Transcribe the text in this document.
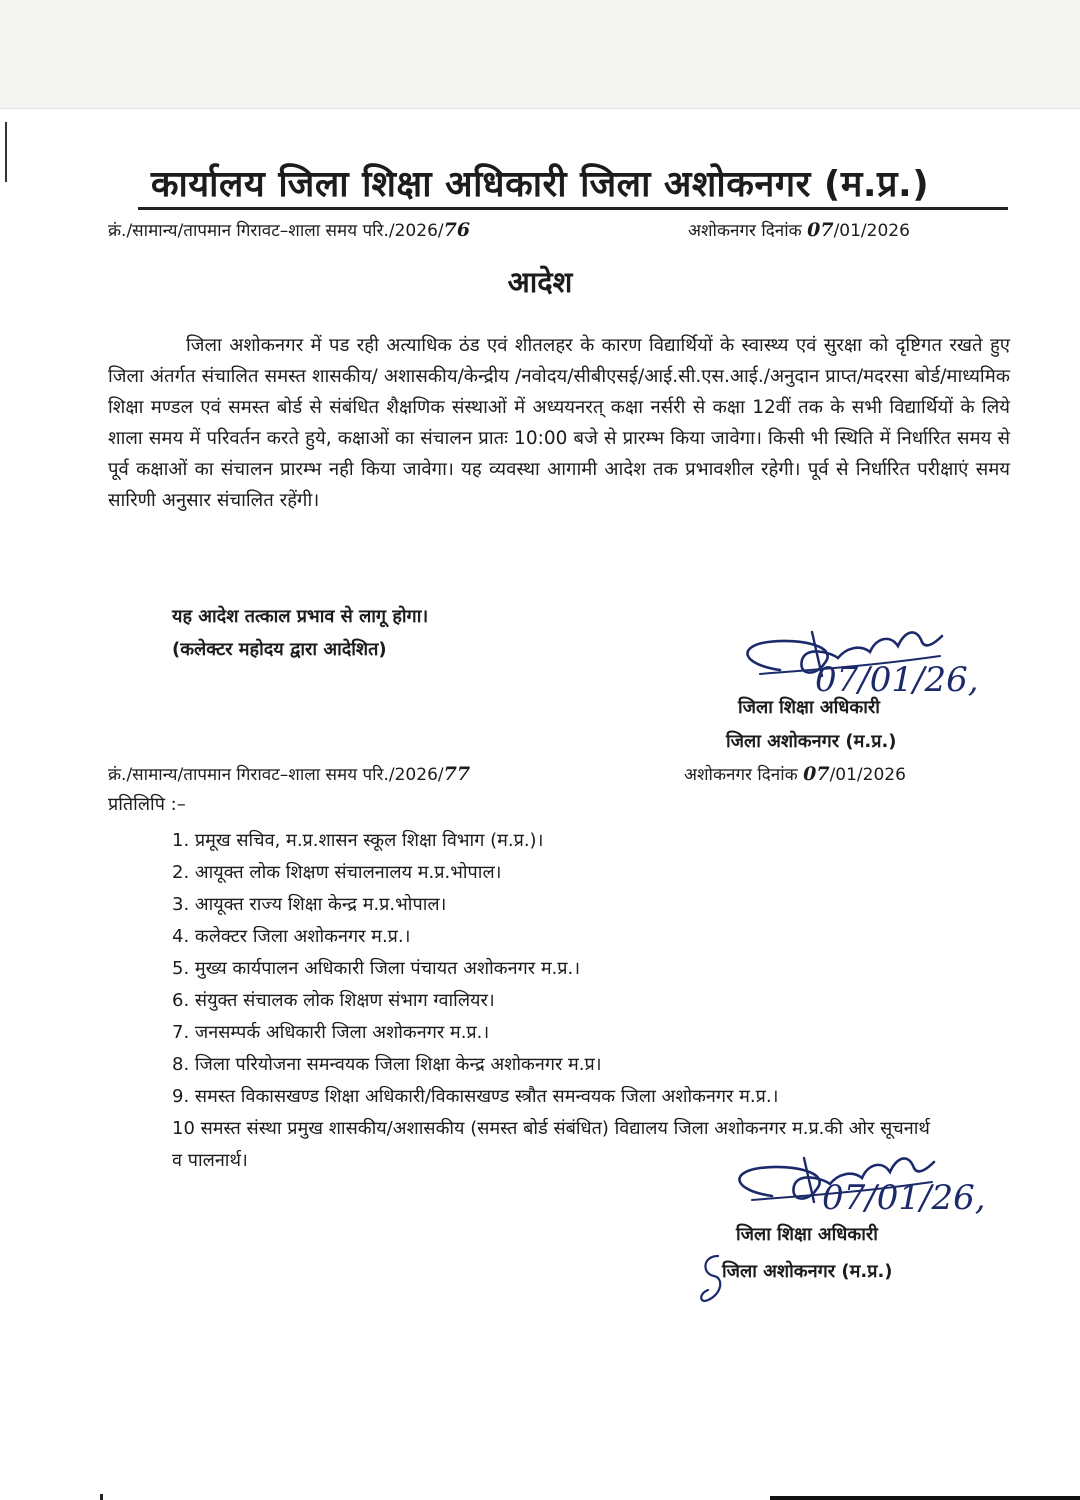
कार्यालय जिला शिक्षा अधिकारी जिला अशोकनगर (म.प्र.)
क्रं./सामान्य/तापमान गिरावट–शाला समय परि./2026/76	अशोकनगर दिनांक 07/01/2026
आदेश

जिला अशोकनगर में पड रही अत्याधिक ठंड एवं शीतलहर के कारण विद्यार्थियों के स्वास्थ्य एवं सुरक्षा को दृष्टिगत रखते हुए जिला अंतर्गत संचालित समस्त शासकीय/ अशासकीय/केन्द्रीय /नवोदय/सीबीएसई/आई.सी.एस.आई./अनुदान प्राप्त/मदरसा बोर्ड/माध्यमिक शिक्षा मण्डल एवं समस्त बोर्ड से संबंधित शैक्षणिक संस्थाओं में अध्ययनरत् कक्षा नर्सरी से कक्षा 12वीं तक के सभी विद्यार्थियों के लिये शाला समय में परिवर्तन करते हुये, कक्षाओं का संचालन प्रातः 10:00 बजे से प्रारम्भ किया जावेगा। किसी भी स्थिति में निर्धारित समय से पूर्व कक्षाओं का संचालन प्रारम्भ नही किया जावेगा। यह व्यवस्था आगामी आदेश तक प्रभावशील रहेगी। पूर्व से निर्धारित परीक्षाएं समय सारिणी अनुसार संचालित रहेंगी।

यह आदेश तत्काल प्रभाव से लागू होगा।
(कलेक्टर महोदय द्वारा आदेशित)
07/01/26,
जिला शिक्षा अधिकारी
जिला अशोकनगर (म.प्र.)
क्रं./सामान्य/तापमान गिरावट–शाला समय परि./2026/77	अशोकनगर दिनांक 07/01/2026
प्रतिलिपि :–
1. प्रमूख सचिव, म.प्र.शासन स्कूल शिक्षा विभाग (म.प्र.)।
2. आयूक्त लोक शिक्षण संचालनालय म.प्र.भोपाल।
3. आयूक्त राज्य शिक्षा केन्द्र म.प्र.भोपाल।
4. कलेक्टर जिला अशोकनगर म.प्र.।
5. मुख्य कार्यपालन अधिकारी जिला पंचायत अशोकनगर म.प्र.।
6. संयुक्त संचालक लोक शिक्षण संभाग ग्वालियर।
7. जनसम्पर्क अधिकारी जिला अशोकनगर म.प्र.।
8. जिला परियोजना समन्वयक जिला शिक्षा केन्द्र अशोकनगर म.प्र।
9. समस्त विकासखण्ड शिक्षा अधिकारी/विकासखण्ड स्त्रौत समन्वयक जिला अशोकनगर म.प्र.।
10 समस्त संस्था प्रमुख शासकीय/अशासकीय (समस्त बोर्ड संबंधित) विद्यालय जिला अशोकनगर म.प्र.की ओर सूचनार्थ व पालनार्थ।
07/01/26,
जिला शिक्षा अधिकारी
जिला अशोकनगर (म.प्र.)
